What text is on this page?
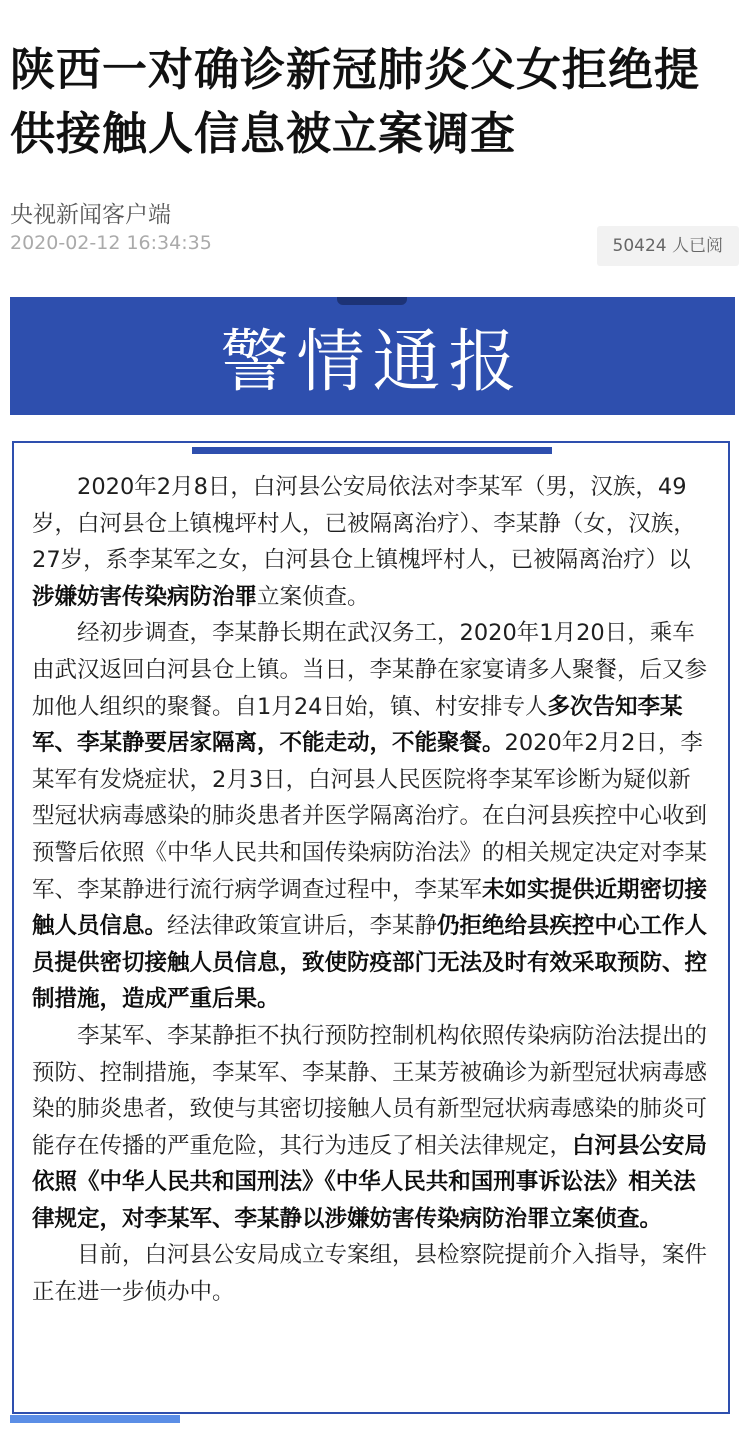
陕西一对确诊新冠肺炎父女拒绝提供接触人信息被立案调查
央视新闻客户端
2020-02-12 16:34:35	50424 人已阅
警情通报

2020年2月8日，白河县公安局依法对李某军（男，汉族，49岁，白河县仓上镇槐坪村人，已被隔离治疗）、李某静（女，汉族，27岁，系李某军之女，白河县仓上镇槐坪村人，已被隔离治疗）以涉嫌妨害传染病防治罪立案侦查。

经初步调查，李某静长期在武汉务工，2020年1月20日，乘车由武汉返回白河县仓上镇。当日，李某静在家宴请多人聚餐，后又参加他人组织的聚餐。自1月24日始，镇、村安排专人多次告知李某军、李某静要居家隔离，不能走动，不能聚餐。2020年2月2日，李某军有发烧症状，2月3日，白河县人民医院将李某军诊断为疑似新型冠状病毒感染的肺炎患者并医学隔离治疗。在白河县疾控中心收到预警后依照《中华人民共和国传染病防治法》的相关规定决定对李某军、李某静进行流行病学调查过程中，李某军未如实提供近期密切接触人员信息。经法律政策宣讲后，李某静仍拒绝给县疾控中心工作人员提供密切接触人员信息，致使防疫部门无法及时有效采取预防、控制措施，造成严重后果。

李某军、李某静拒不执行预防控制机构依照传染病防治法提出的预防、控制措施，李某军、李某静、王某芳被确诊为新型冠状病毒感染的肺炎患者，致使与其密切接触人员有新型冠状病毒感染的肺炎可能存在传播的严重危险，其行为违反了相关法律规定，白河县公安局依照《中华人民共和国刑法》《中华人民共和国刑事诉讼法》相关法律规定，对李某军、李某静以涉嫌妨害传染病防治罪立案侦查。

目前，白河县公安局成立专案组，县检察院提前介入指导，案件正在进一步侦办中。
